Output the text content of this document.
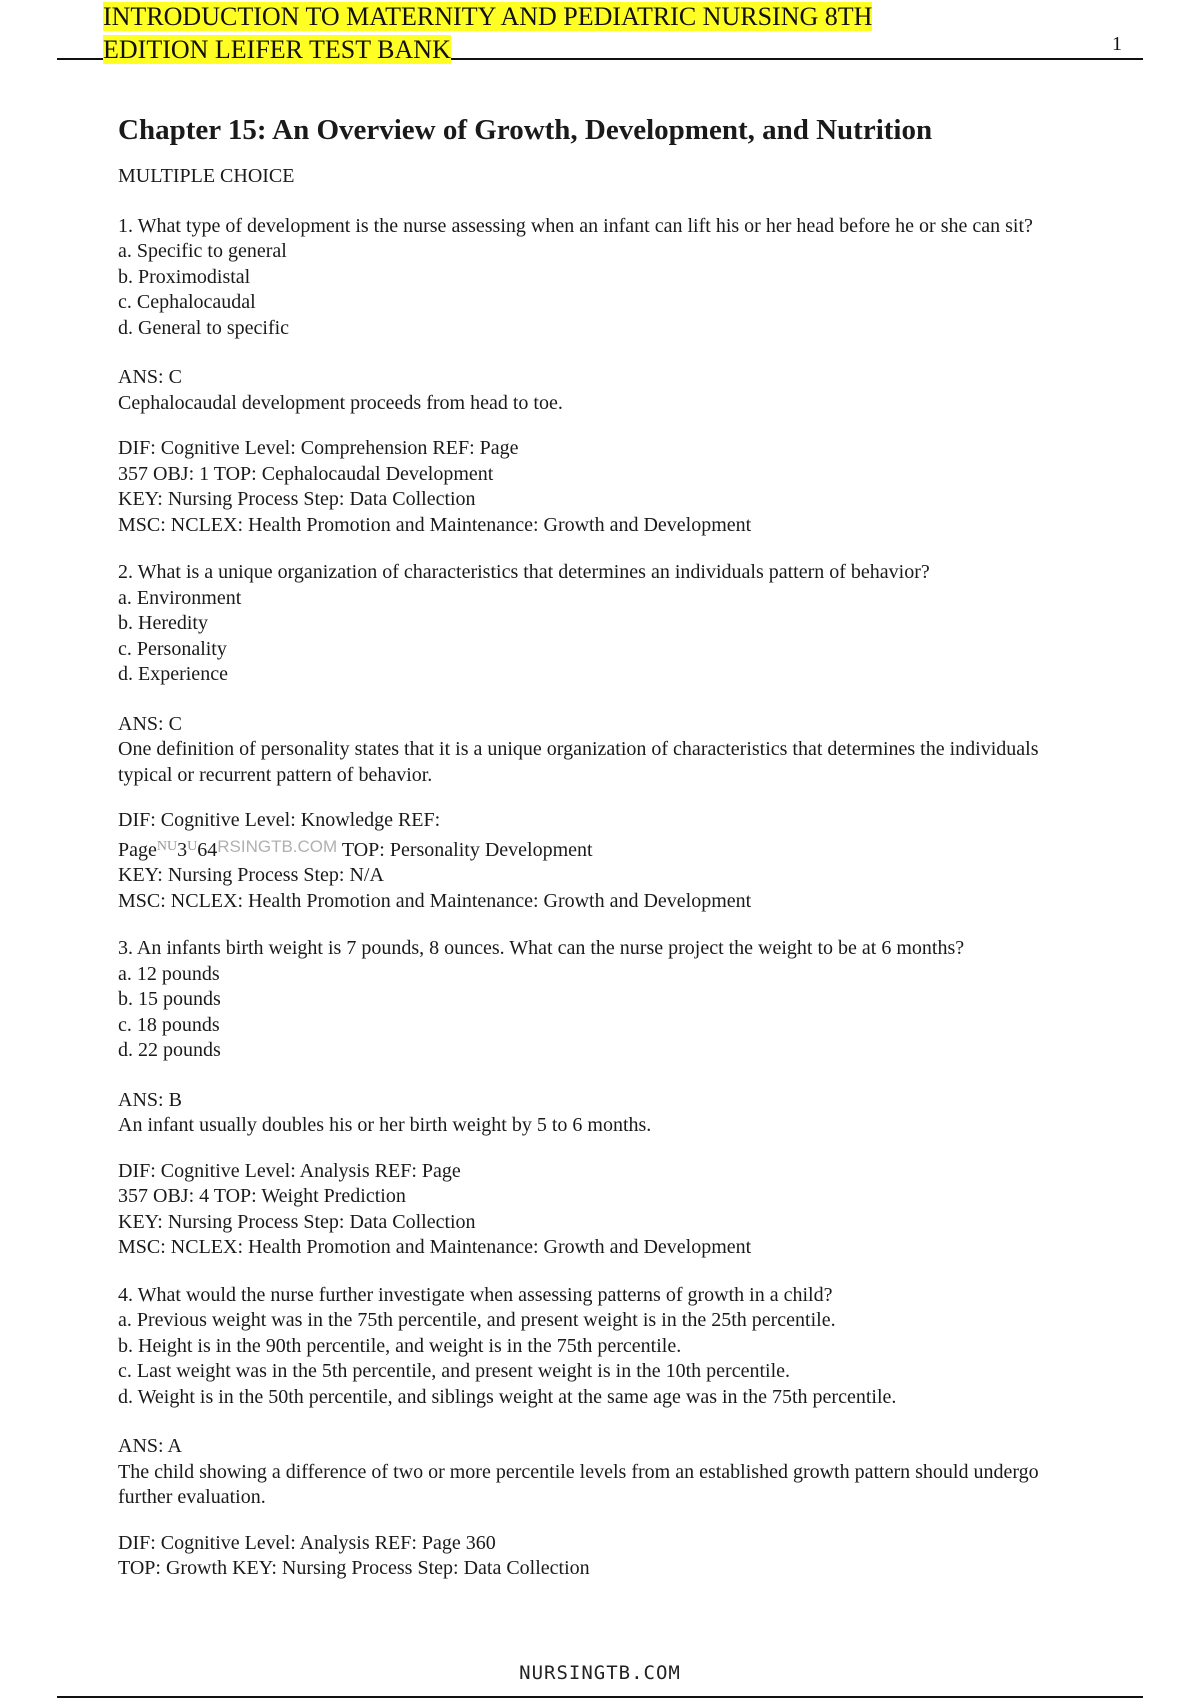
INTRODUCTION TO MATERNITY AND PEDIATRIC NURSING 8TH
EDITION LEIFER TEST BANK	1
Chapter 15: An Overview of Growth, Development, and Nutrition

MULTIPLE CHOICE

1. What type of development is the nurse assessing when an infant can lift his or her head before he or she can sit?

a. Specific to general
b. Proximodistal
c. Cephalocaudal
d. General to specific

ANS: C

Cephalocaudal development proceeds from head to toe.

DIF: Cognitive Level: Comprehension REF: Page
357 OBJ: 1 TOP: Cephalocaudal Development
KEY: Nursing Process Step: Data Collection
MSC: NCLEX: Health Promotion and Maintenance: Growth and Development

2. What is a unique organization of characteristics that determines an individuals pattern of behavior?

a. Environment
b. Heredity
c. Personality
d. Experience

ANS: C

One definition of personality states that it is a unique organization of characteristics that determines the individuals typical or recurrent pattern of behavior.

DIF: Cognitive Level: Knowledge REF:
$Page^{NU}3^U64^{RSINGTB.COM}$ TOP: Personality Development
KEY: Nursing Process Step: N/A
MSC: NCLEX: Health Promotion and Maintenance: Growth and Development

3. An infants birth weight is 7 pounds, 8 ounces. What can the nurse project the weight to be at 6 months?

a. 12 pounds
b. 15 pounds
c. 18 pounds
d. 22 pounds

ANS: B

An infant usually doubles his or her birth weight by 5 to 6 months.

DIF: Cognitive Level: Analysis REF: Page
357 OBJ: 4 TOP: Weight Prediction
KEY: Nursing Process Step: Data Collection
MSC: NCLEX: Health Promotion and Maintenance: Growth and Development

4. What would the nurse further investigate when assessing patterns of growth in a child?

a. Previous weight was in the 75th percentile, and present weight is in the 25th percentile.
b. Height is in the 90th percentile, and weight is in the 75th percentile.
c. Last weight was in the 5th percentile, and present weight is in the 10th percentile.
d. Weight is in the 50th percentile, and siblings weight at the same age was in the 75th percentile.

ANS: A

The child showing a difference of two or more percentile levels from an established growth pattern should undergo further evaluation.

DIF: Cognitive Level: Analysis REF: Page 360
TOP: Growth KEY: Nursing Process Step: Data Collection
NURSINGTB.COM
